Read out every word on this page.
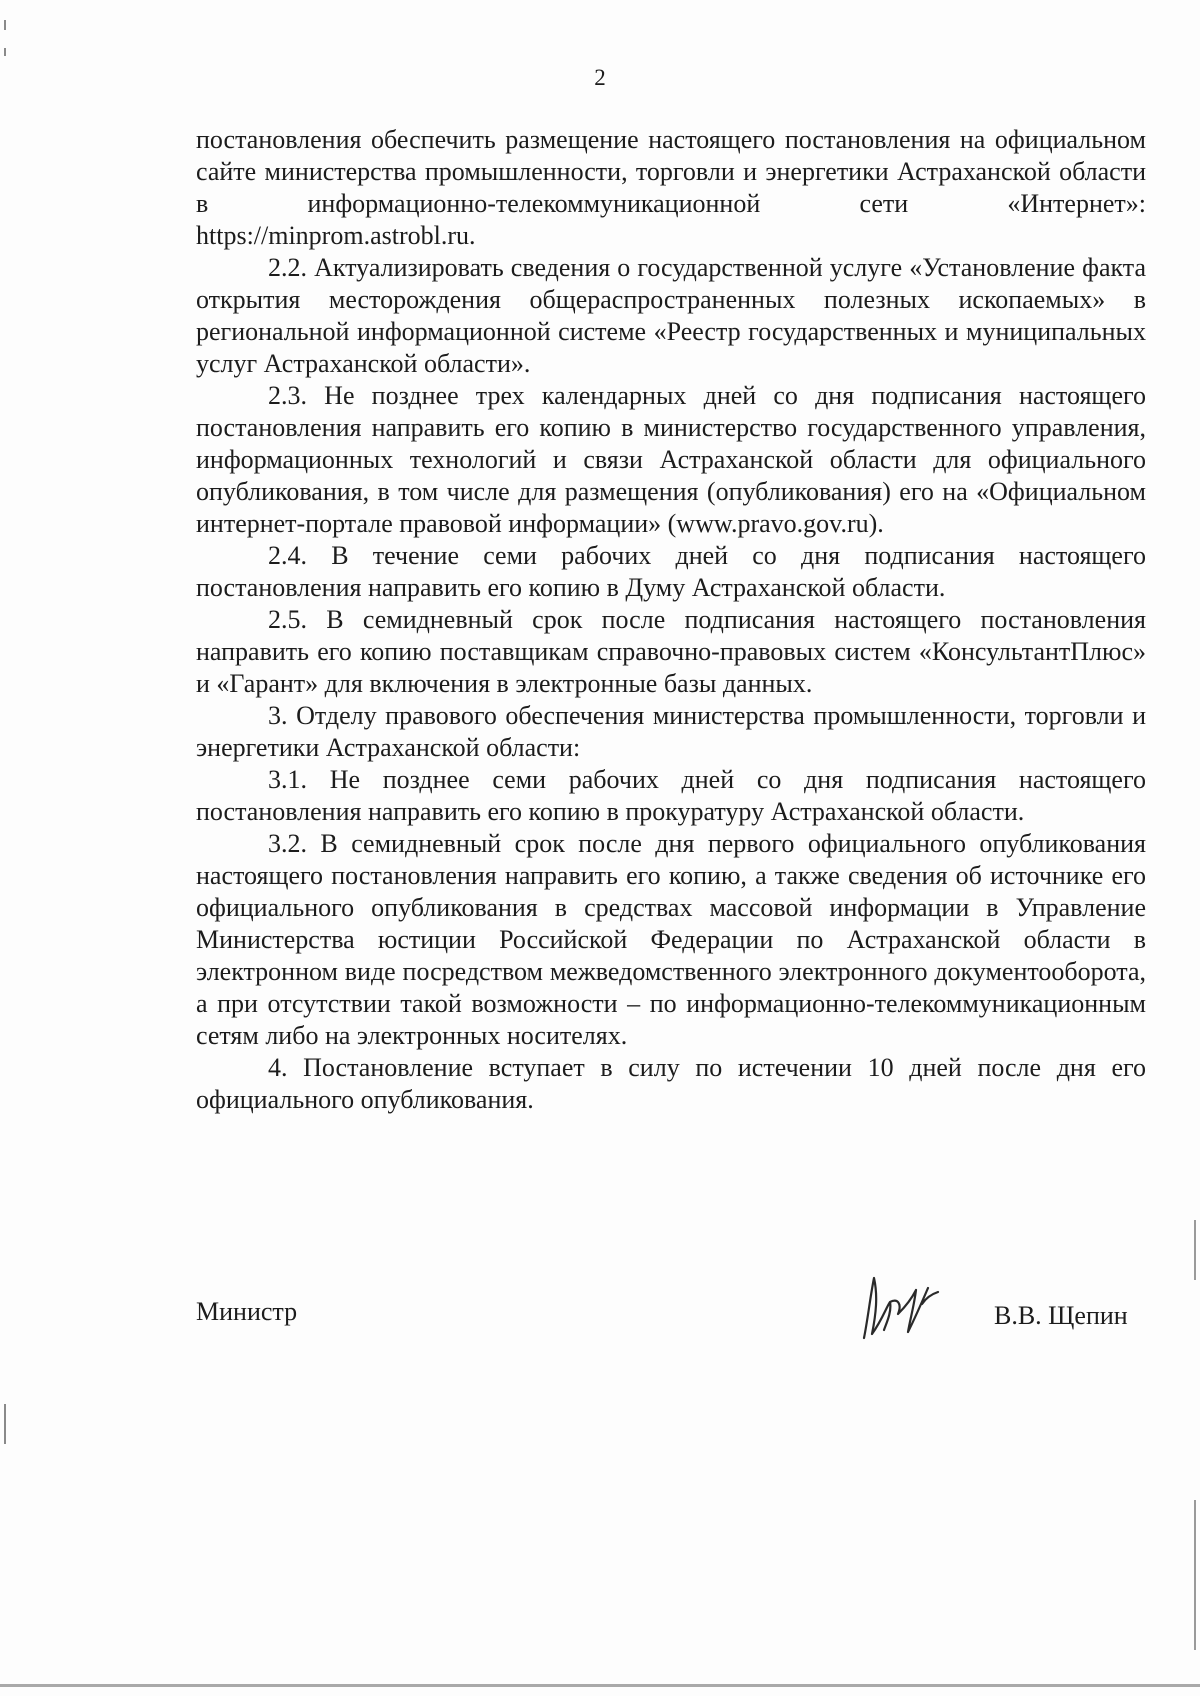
2

постановления обеспечить размещение настоящего постановления на официальном сайте министерства промышленности, торговли и энергетики Астраханской области в информационно-телекоммуникационной сети «Интернет»: https://minprom.astrobl.ru.

2.2. Актуализировать сведения о государственной услуге «Установление факта открытия месторождения общераспространенных полезных ископаемых» в региональной информационной системе «Реестр государственных и муниципальных услуг Астраханской области».

2.3. Не позднее трех календарных дней со дня подписания настоящего постановления направить его копию в министерство государственного управления, информационных технологий и связи Астраханской области для официального опубликования, в том числе для размещения (опубликования) его на «Официальном интернет-портале правовой информации» (www.pravo.gov.ru).

2.4. В течение семи рабочих дней со дня подписания настоящего постановления направить его копию в Думу Астраханской области.

2.5. В семидневный срок после подписания настоящего постановления направить его копию поставщикам справочно-правовых систем «КонсультантПлюс» и «Гарант» для включения в электронные базы данных.

3. Отделу правового обеспечения министерства промышленности, торговли и энергетики Астраханской области:

3.1. Не позднее семи рабочих дней со дня подписания настоящего постановления направить его копию в прокуратуру Астраханской области.

3.2. В семидневный срок после дня первого официального опубликования настоящего постановления направить его копию, а также сведения об источнике его официального опубликования в средствах массовой информации в Управление Министерства юстиции Российской Федерации по Астраханской области в электронном виде посредством межведомственного электронного документооборота, а при отсутствии такой возможности – по информационно-телекоммуникационным сетям либо на электронных носителях.

4. Постановление вступает в силу по истечении 10 дней после дня его официального опубликования.

Министр	В.В. Щепин
